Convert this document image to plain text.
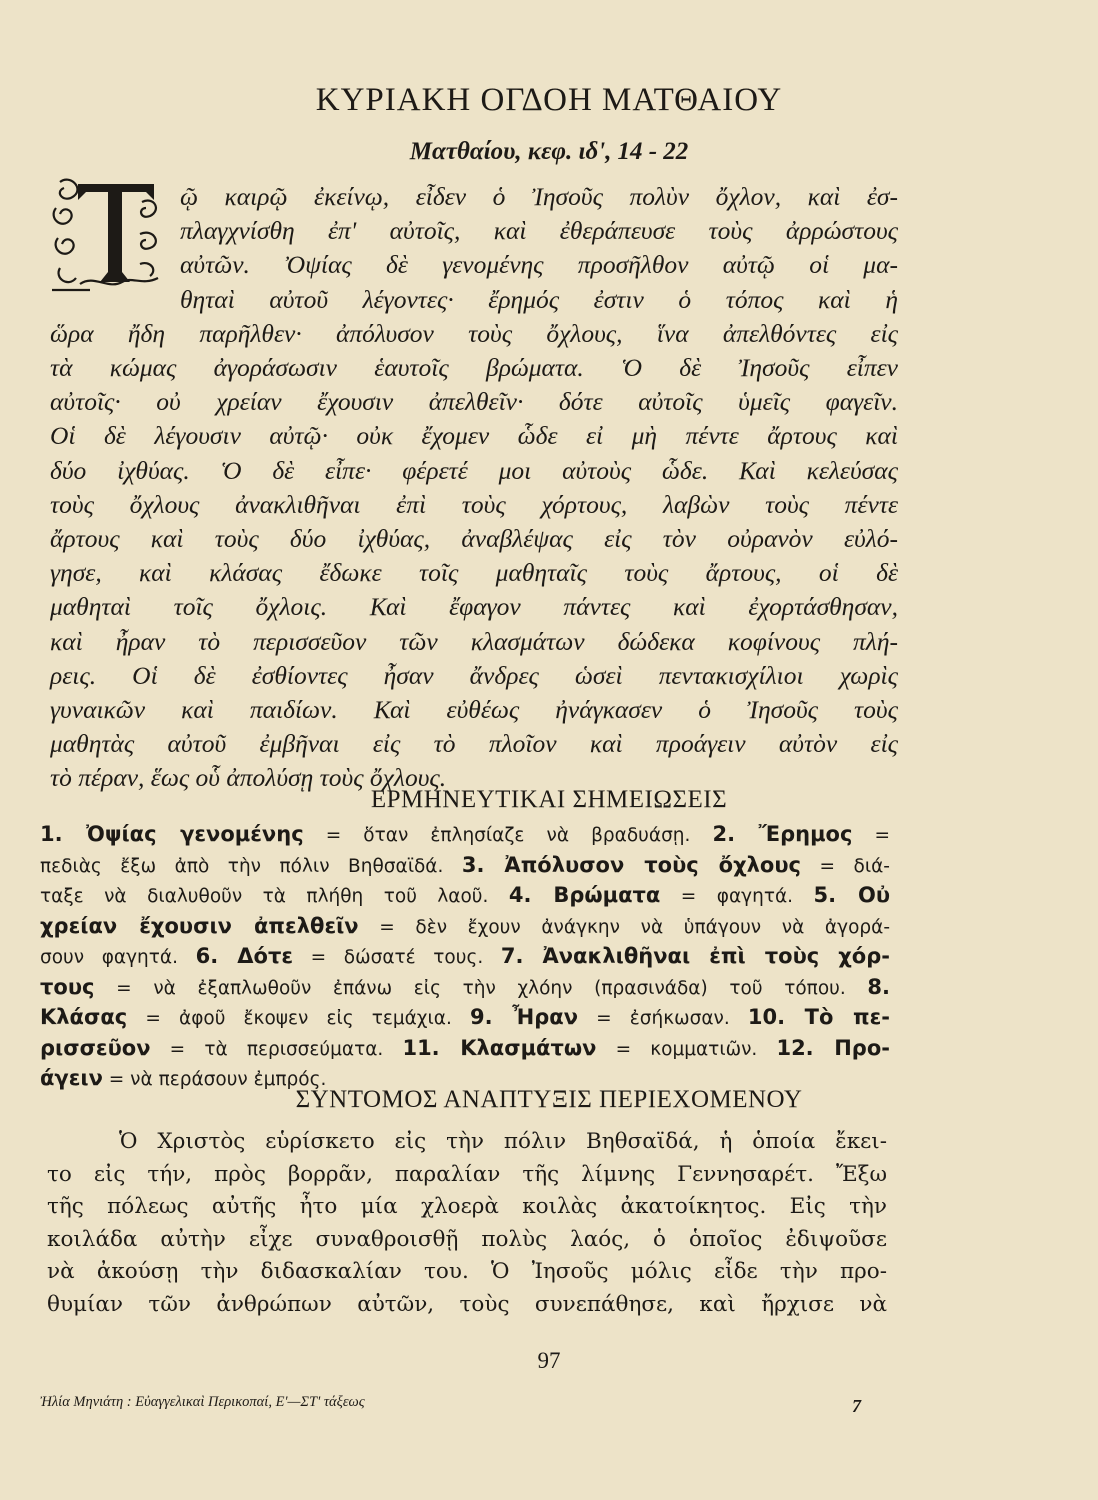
ΚΥΡΙΑΚΗ ΟΓΔΟΗ ΜΑΤΘΑΙΟΥ
Ματθαίου, κεφ. ιδ', 14 - 22
Τ
ῷ καιρῷ ἐκείνῳ, εἶδεν ὁ Ἰησοῦς πολὺν ὄχλον, καὶ ἐσ-
πλαγχνίσθη ἐπ' αὐτοῖς, καὶ ἐθεράπευσε τοὺς ἀρρώστους
αὐτῶν. Ὀψίας δὲ γενομένης προσῆλθον αὐτῷ οἱ μα-
θηταὶ αὐτοῦ λέγοντες· ἔρημός ἐστιν ὁ τόπος καὶ ἡ
ὥρα ἤδη παρῆλθεν· ἀπόλυσον τοὺς ὄχλους, ἵνα ἀπελθόντες εἰς
τὰ κώμας ἀγοράσωσιν ἑαυτοῖς βρώματα. Ὁ δὲ Ἰησοῦς εἶπεν
αὐτοῖς· οὐ χρείαν ἔχουσιν ἀπελθεῖν· δότε αὐτοῖς ὑμεῖς φαγεῖν.
Οἱ δὲ λέγουσιν αὐτῷ· οὐκ ἔχομεν ὧδε εἰ μὴ πέντε ἄρτους καὶ
δύο ἰχθύας. Ὁ δὲ εἶπε· φέρετέ μοι αὐτοὺς ὧδε. Καὶ κελεύσας
τοὺς ὄχλους ἀνακλιθῆναι ἐπὶ τοὺς χόρτους, λαβὼν τοὺς πέντε
ἄρτους καὶ τοὺς δύο ἰχθύας, ἀναβλέψας εἰς τὸν οὐρανὸν εὐλό-
γησε, καὶ κλάσας ἔδωκε τοῖς μαθηταῖς τοὺς ἄρτους, οἱ δὲ
μαθηταὶ τοῖς ὄχλοις. Καὶ ἔφαγον πάντες καὶ ἐχορτάσθησαν,
καὶ ἦραν τὸ περισσεῦον τῶν κλασμάτων δώδεκα κοφίνους πλή-
ρεις. Οἱ δὲ ἐσθίοντες ἦσαν ἄνδρες ὡσεὶ πεντακισχίλιοι χωρὶς
γυναικῶν καὶ παιδίων. Καὶ εὐθέως ἠνάγκασεν ὁ Ἰησοῦς τοὺς
μαθητὰς αὐτοῦ ἐμβῆναι εἰς τὸ πλοῖον καὶ προάγειν αὐτὸν εἰς
τὸ πέραν, ἕως οὗ ἀπολύσῃ τοὺς ὄχλους.
ΕΡΜΗΝΕΥΤΙΚΑΙ ΣΗΜΕΙΩΣΕΙΣ
1. Ὀψίας γενομένης = ὅταν ἐπλησίαζε νὰ βραδυάσῃ. 2. Ἔρημος =
πεδιὰς ἔξω ἀπὸ τὴν πόλιν Βηθσαϊδά. 3. Ἀπόλυσον τοὺς ὄχλους = διά-
ταξε νὰ διαλυθοῦν τὰ πλήθη τοῦ λαοῦ. 4. Βρώματα = φαγητά. 5. Οὐ
χρείαν ἔχουσιν ἀπελθεῖν = δὲν ἔχουν ἀνάγκην νὰ ὑπάγουν νὰ ἀγορά-
σουν φαγητά. 6. Δότε = δώσατέ τους. 7. Ἀνακλιθῆναι ἐπὶ τοὺς χόρ-
τους = νὰ ἐξαπλωθοῦν ἐπάνω εἰς τὴν χλόην (πρασινάδα) τοῦ τόπου. 8.
Κλάσας = ἀφοῦ ἔκοψεν εἰς τεμάχια. 9. Ἦραν = ἐσήκωσαν. 10. Τὸ πε-
ρισσεῦον = τὰ περισσεύματα. 11. Κλασμάτων = κομματιῶν. 12. Προ-
άγειν = νὰ περάσουν ἐμπρός.
ΣΥΝΤΟΜΟΣ ΑΝΑΠΤΥΞΙΣ ΠΕΡΙΕΧΟΜΕΝΟΥ
Ὁ Χριστὸς εὑρίσκετο εἰς τὴν πόλιν Βηθσαϊδά, ἡ ὁποία ἔκει-
το εἰς τήν, πρὸς βορρᾶν, παραλίαν τῆς λίμνης Γεννησαρέτ. Ἔξω
τῆς πόλεως αὐτῆς ἦτο μία χλοερὰ κοιλὰς ἀκατοίκητος. Εἰς τὴν
κοιλάδα αὐτὴν εἶχε συναθροισθῇ πολὺς λαός, ὁ ὁποῖος ἐδιψοῦσε
νὰ ἀκούσῃ τὴν διδασκαλίαν του. Ὁ Ἰησοῦς μόλις εἶδε τὴν προ-
θυμίαν τῶν ἀνθρώπων αὐτῶν, τοὺς συνεπάθησε, καὶ ἤρχισε νὰ
97
Ἠλία Μηνιάτη : Εὐαγγελικαὶ Περικοπαί, Ε'—ΣΤ' τάξεως	7
